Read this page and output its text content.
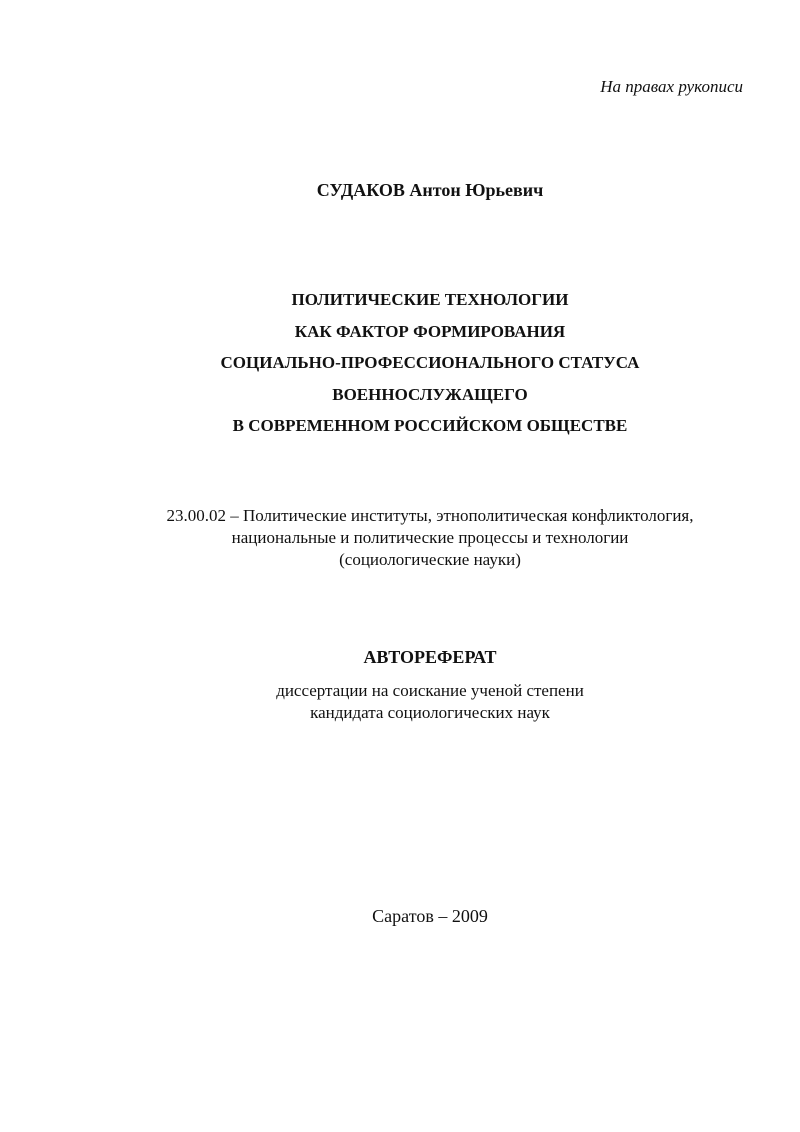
На правах рукописи
СУДАКОВ Антон Юрьевич
ПОЛИТИЧЕСКИЕ ТЕХНОЛОГИИ
КАК ФАКТОР ФОРМИРОВАНИЯ
СОЦИАЛЬНО-ПРОФЕССИОНАЛЬНОГО СТАТУСА
ВОЕННОСЛУЖАЩЕГО
В СОВРЕМЕННОМ РОССИЙСКОМ ОБЩЕСТВЕ
23.00.02 – Политические институты, этнополитическая конфликтология,
национальные и политические процессы и технологии
(социологические науки)
АВТОРЕФЕРАТ
диссертации на соискание ученой степени
кандидата социологических наук
Саратов – 2009
